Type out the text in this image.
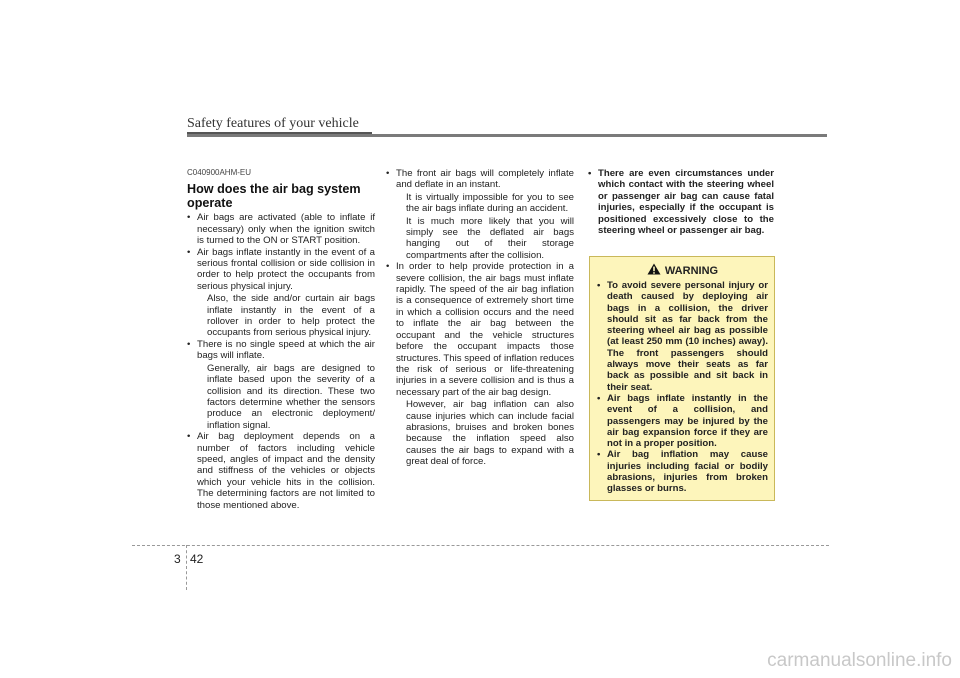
Safety features of your vehicle
C040900AHM-EU
How does the air bag system operate

• Air bags are activated (able to inflate if necessary) only when the ignition switch is turned to the ON or START position.

• Air bags inflate instantly in the event of a serious frontal collision or side collision in order to help protect the occupants from serious physical injury.

Also, the side and/or curtain air bags inflate instantly in the event of a rollover in order to help protect the occupants from serious physical injury.

• There is no single speed at which the air bags will inflate.

Generally, air bags are designed to inflate based upon the severity of a collision and its direction. These two factors determine whether the sensors produce an electronic deployment/ inflation signal.

• Air bag deployment depends on a number of factors including vehicle speed, angles of impact and the density and stiffness of the vehicles or objects which your vehicle hits in the collision. The determining factors are not limited to those mentioned above.

• The front air bags will completely inflate and deflate in an instant.

It is virtually impossible for you to see the air bags inflate during an accident.

It is much more likely that you will simply see the deflated air bags hanging out of their storage compartments after the collision.

• In order to help provide protection in a severe collision, the air bags must inflate rapidly. The speed of the air bag inflation is a consequence of extremely short time in which a collision occurs and the need to inflate the air bag between the occupant and the vehicle structures before the occupant impacts those structures. This speed of inflation reduces the risk of serious or life-threatening injuries in a severe collision and is thus a necessary part of the air bag design.

However, air bag inflation can also cause injuries which can include facial abrasions, bruises and broken bones because the inflation speed also causes the air bags to expand with a great deal of force.

• There are even circumstances under which contact with the steering wheel or passenger air bag can cause fatal injuries, especially if the occupant is positioned excessively close to the steering wheel or passenger air bag.

WARNING
• To avoid severe personal injury or death caused by deploying air bags in a collision, the driver should sit as far back from the steering wheel air bag as possible (at least 250 mm (10 inches) away). The front passengers should always move their seats as far back as possible and sit back in their seat.
• Air bags inflate instantly in the event of a collision, and passengers may be injured by the air bag expansion force if they are not in a proper position.
• Air bag inflation may cause injuries including facial or bodily abrasions, injuries from broken glasses or burns.
3 42
carmanualsonline.info
